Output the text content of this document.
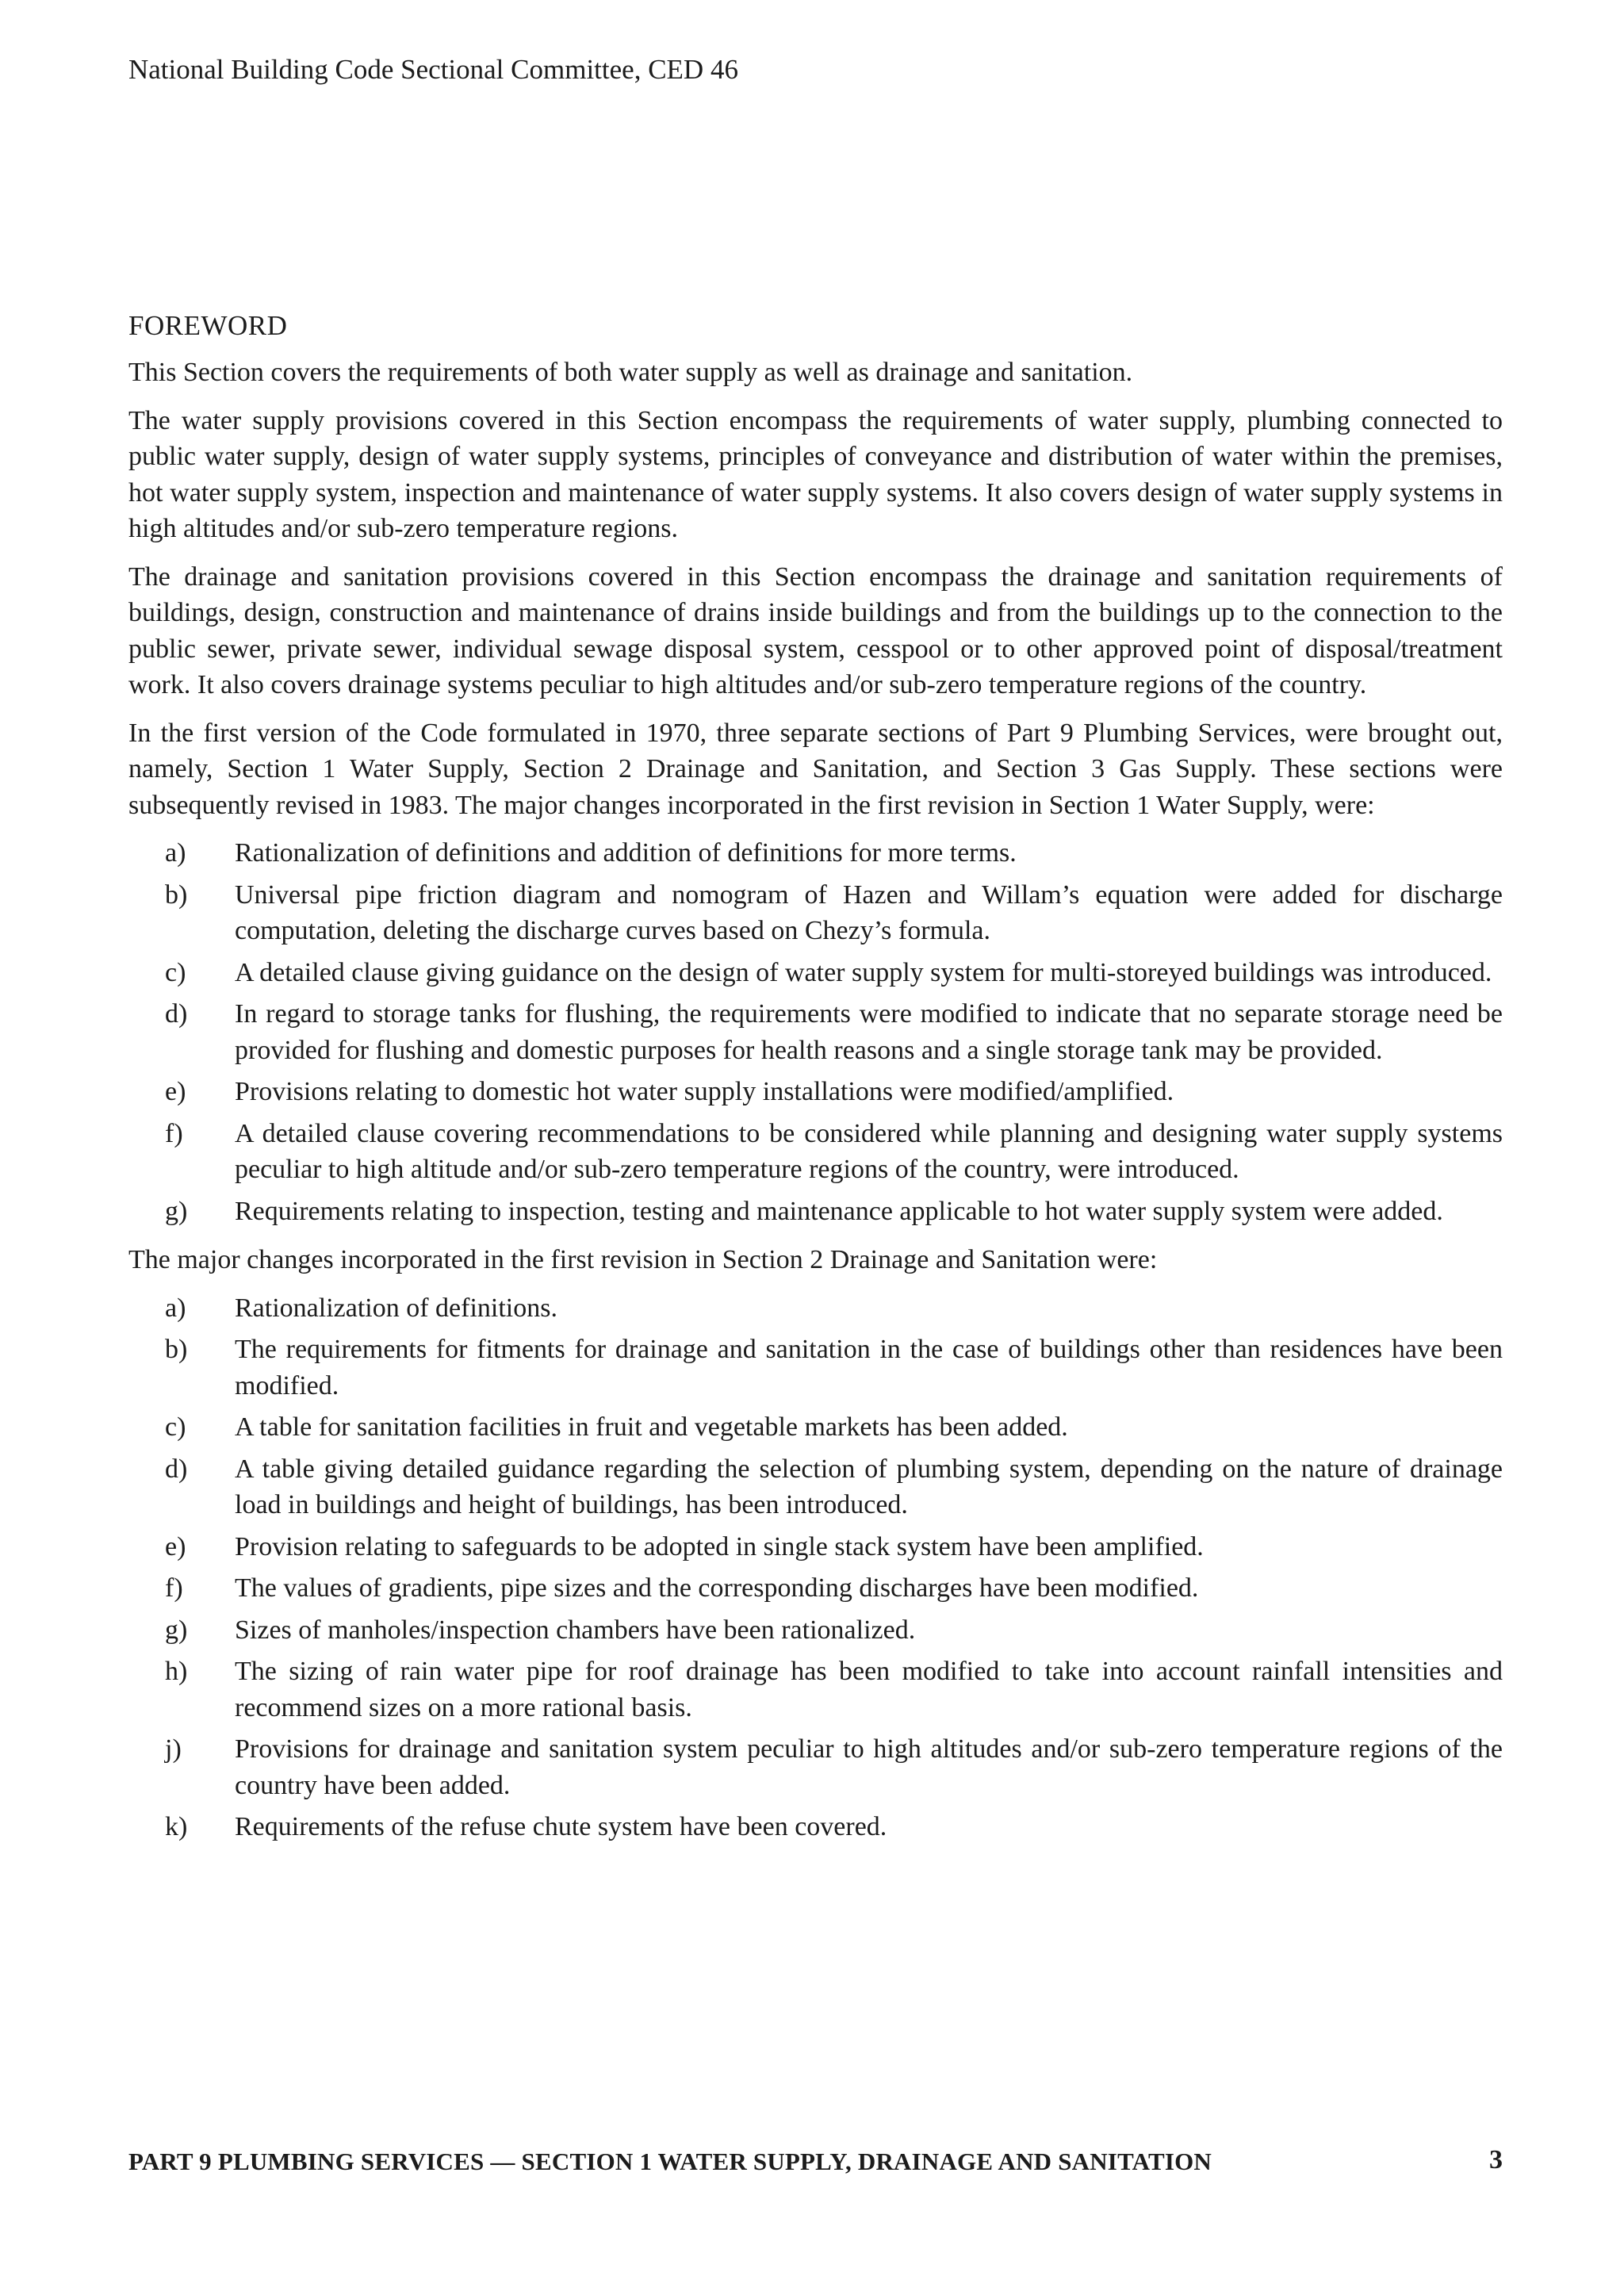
National Building Code Sectional Committee, CED 46
FOREWORD

This Section covers the requirements of both water supply as well as drainage and sanitation.

The water supply provisions covered in this Section encompass the requirements of water supply, plumbing connected to public water supply, design of water supply systems, principles of conveyance and distribution of water within the premises, hot water supply system, inspection and maintenance of water supply systems. It also covers design of water supply systems in high altitudes and/or sub-zero temperature regions.

The drainage and sanitation provisions covered in this Section encompass the drainage and sanitation requirements of buildings, design, construction and maintenance of drains inside buildings and from the buildings up to the connection to the public sewer, private sewer, individual sewage disposal system, cesspool or to other approved point of disposal/treatment work. It also covers drainage systems peculiar to high altitudes and/or sub-zero temperature regions of the country.

In the first version of the Code formulated in 1970, three separate sections of Part 9 Plumbing Services, were brought out, namely, Section 1 Water Supply, Section 2 Drainage and Sanitation, and Section 3 Gas Supply. These sections were subsequently revised in 1983. The major changes incorporated in the first revision in Section 1 Water Supply, were:

a) Rationalization of definitions and addition of definitions for more terms.
b) Universal pipe friction diagram and nomogram of Hazen and Willam’s equation were added for discharge computation, deleting the discharge curves based on Chezy’s formula.
c) A detailed clause giving guidance on the design of water supply system for multi-storeyed buildings was introduced.
d) In regard to storage tanks for flushing, the requirements were modified to indicate that no separate storage need be provided for flushing and domestic purposes for health reasons and a single storage tank may be provided.
e) Provisions relating to domestic hot water supply installations were modified/amplified.
f) A detailed clause covering recommendations to be considered while planning and designing water supply systems peculiar to high altitude and/or sub-zero temperature regions of the country, were introduced.
g) Requirements relating to inspection, testing and maintenance applicable to hot water supply system were added.

The major changes incorporated in the first revision in Section 2 Drainage and Sanitation were:

a) Rationalization of definitions.
b) The requirements for fitments for drainage and sanitation in the case of buildings other than residences have been modified.
c) A table for sanitation facilities in fruit and vegetable markets has been added.
d) A table giving detailed guidance regarding the selection of plumbing system, depending on the nature of drainage load in buildings and height of buildings, has been introduced.
e) Provision relating to safeguards to be adopted in single stack system have been amplified.
f) The values of gradients, pipe sizes and the corresponding discharges have been modified.
g) Sizes of manholes/inspection chambers have been rationalized.
h) The sizing of rain water pipe for roof drainage has been modified to take into account rainfall intensities and recommend sizes on a more rational basis.
j) Provisions for drainage and sanitation system peculiar to high altitudes and/or sub-zero temperature regions of the country have been added.
k) Requirements of the refuse chute system have been covered.
PART 9 PLUMBING SERVICES — SECTION 1 WATER SUPPLY, DRAINAGE AND SANITATION	3
